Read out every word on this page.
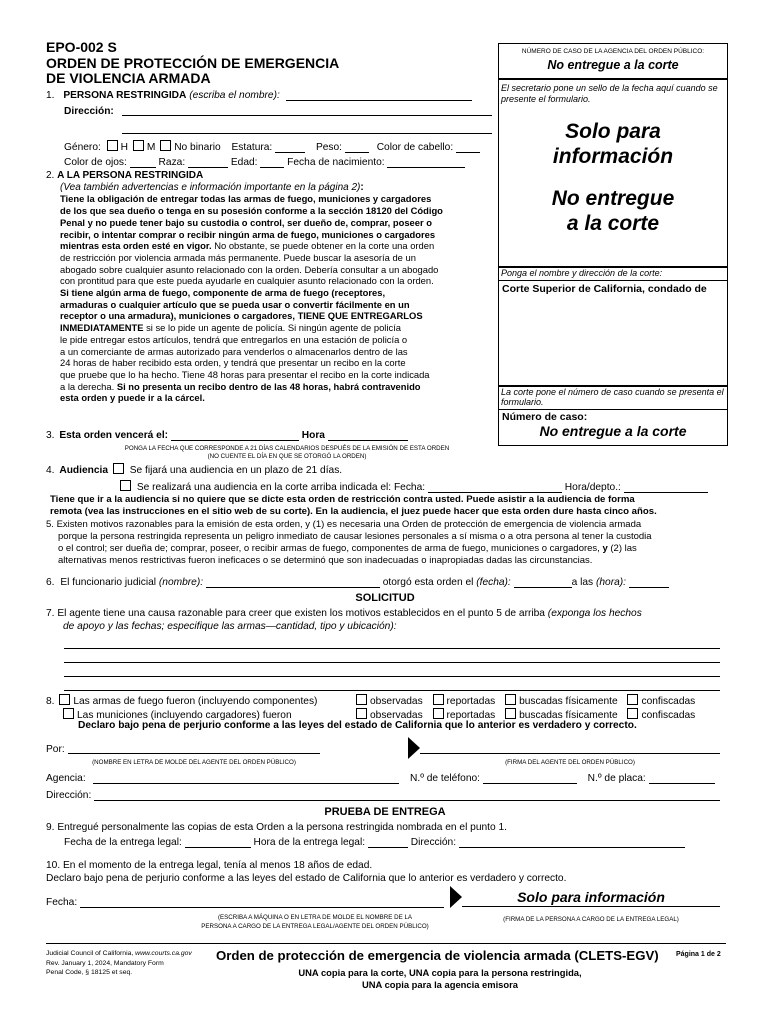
EPO-002 S
ORDEN DE PROTECCIÓN DE EMERGENCIA
DE VIOLENCIA ARMADA
NÚMERO DE CASO DE LA AGENCIA DEL ORDEN PÚBLICO:
No entregue a la corte
El secretario pone un sello de la fecha aquí cuando se presente el formulario.
Solo para
información
No entregue
a la corte
Ponga el nombre y dirección de la corte:
Corte Superior de California, condado de
La corte pone el número de caso cuando se presenta el formulario.
Número de caso:
No entregue a la corte
1. PERSONA RESTRINGIDA (escriba el nombre):
Dirección:
Género: H M No binario Estatura:	Peso:	Color de cabello:
Color de ojos:	Raza:	Edad:	Fecha de nacimiento:
2. A LA PERSONA RESTRINGIDA
(Vea también advertencias e información importante en la página 2):
Tiene la obligación de entregar todas las armas de fuego, municiones y cargadores
de los que sea dueño o tenga en su posesión conforme a la sección 18120 del Código
Penal y no puede tener bajo su custodia o control, ser dueño de, comprar, poseer o
recibir, o intentar comprar o recibir ningún arma de fuego, municiones o cargadores
mientras esta orden esté en vigor. No obstante, se puede obtener en la corte una orden
de restricción por violencia armada más permanente. Puede buscar la asesoría de un
abogado sobre cualquier asunto relacionado con la orden. Debería consultar a un abogado
con prontitud para que este pueda ayudarle en cualquier asunto relacionado con la orden.
Si tiene algún arma de fuego, componente de arma de fuego (receptores,
armaduras o cualquier artículo que se pueda usar o convertir fácilmente en un
receptor o una armadura), municiones o cargadores, TIENE QUE ENTREGARLOS
INMEDIATAMENTE si se lo pide un agente de policía. Si ningún agente de policía
le pide entregar estos artículos, tendrá que entregarlos en una estación de policía o
a un comerciante de armas autorizado para venderlos o almacenarlos dentro de las
24 horas de haber recibido esta orden, y tendrá que presentar un recibo en la corte
que pruebe que lo ha hecho. Tiene 48 horas para presentar el recibo en la corte indicada
a la derecha. Si no presenta un recibo dentro de las 48 horas, habrá contravenido
esta orden y puede ir a la cárcel.
3. Esta orden vencerá el:	Hora
PONGA LA FECHA QUE CORRESPONDE A 21 DÍAS CALENDARIOS DESPUÉS DE LA EMISIÓN DE ESTA ORDEN
(NO CUENTE EL DÍA EN QUE SE OTORGÓ LA ORDEN)
4. Audiencia Se fijará una audiencia en un plazo de 21 días.
Se realizará una audiencia en la corte arriba indicada el: Fecha:	Hora/depto.:
Tiene que ir a la audiencia si no quiere que se dicte esta orden de restricción contra usted. Puede asistir a la audiencia de forma
remota (vea las instrucciones en el sitio web de su corte). En la audiencia, el juez puede hacer que esta orden dure hasta cinco años.
5. Existen motivos razonables para la emisión de esta orden, y (1) es necesaria una Orden de protección de emergencia de violencia armada
porque la persona restringida representa un peligro inmediato de causar lesiones personales a sí misma o a otra persona al tener la custodia
o el control; ser dueña de; comprar, poseer, o recibir armas de fuego, componentes de arma de fuego, municiones o cargadores, y (2) las
alternativas menos restrictivas fueron ineficaces o se determinó que son inadecuadas o inapropiadas dadas las circunstancias.
6. El funcionario judicial (nombre):	otorgó esta orden el (fecha):	a las (hora):
SOLICITUD
7. El agente tiene una causa razonable para creer que existen los motivos establecidos en el punto 5 de arriba (exponga los hechos
de apoyo y las fechas; especifique las armas—cantidad, tipo y ubicación):
8. Las armas de fuego fueron (incluyendo componentes)
Las municiones (incluyendo cargadores) fueron
observadas reportadas buscadas físicamente confiscadas
observadas reportadas buscadas físicamente confiscadas
Declaro bajo pena de perjurio conforme a las leyes del estado de California que lo anterior es verdadero y correcto.
Por:
(NOMBRE EN LETRA DE MOLDE DEL AGENTE DEL ORDEN PÚBLICO)	(FIRMA DEL AGENTE DEL ORDEN PÚBLICO)
Agencia:	N.º de teléfono:	N.º de placa:
Dirección:
PRUEBA DE ENTREGA
9. Entregué personalmente las copias de esta Orden a la persona restringida nombrada en el punto 1.
Fecha de la entrega legal:	Hora de la entrega legal:	Dirección:
10. En el momento de la entrega legal, tenía al menos 18 años de edad.
Declaro bajo pena de perjurio conforme a las leyes del estado de California que lo anterior es verdadero y correcto.
Fecha:	Solo para información
(ESCRIBA A MÁQUINA O EN LETRA DE MOLDE EL NOMBRE DE LA
PERSONA A CARGO DE LA ENTREGA LEGAL/AGENTE DEL ORDEN PÚBLICO)
(FIRMA DE LA PERSONA A CARGO DE LA ENTREGA LEGAL)
Judicial Council of California, www.courts.ca.gov
Rev. January 1, 2024, Mandatory Form
Penal Code, § 18125 et seq.
Orden de protección de emergencia de violencia armada (CLETS-EGV) Página 1 de 2
UNA copia para la corte, UNA copia para la persona restringida,
UNA copia para la agencia emisora
